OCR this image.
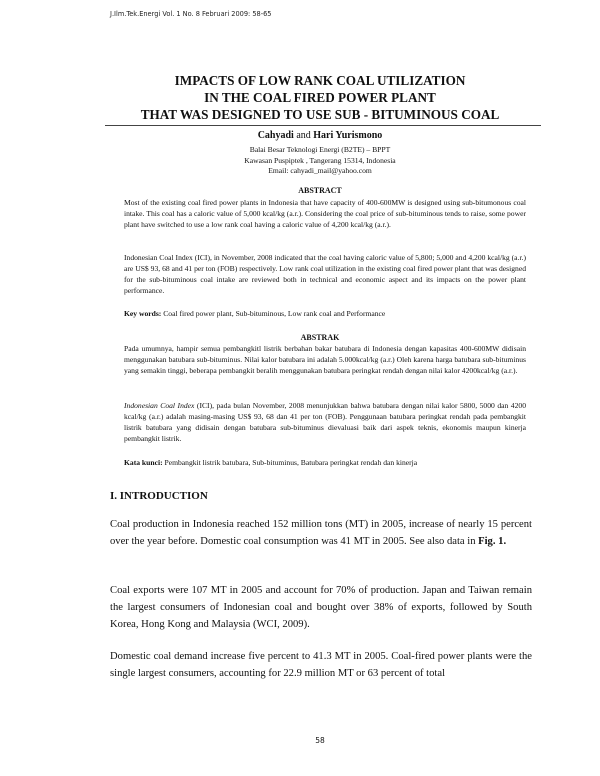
J.Ilm.Tek.Energi Vol. 1 No. 8 Februari 2009: 58-65
IMPACTS OF LOW RANK COAL UTILIZATION
IN THE COAL FIRED POWER PLANT
THAT WAS DESIGNED TO USE SUB - BITUMINOUS COAL
Cahyadi and Hari Yurismono
Balai Besar Teknologi Energi (B2TE) – BPPT
Kawasan Puspiptek , Tangerang 15314, Indonesia
Email: cahyadi_mail@yahoo.com
ABSTRACT
Most of the existing coal fired power plants in Indonesia that have capacity of 400-600MW is designed using sub-bitumonous coal intake. This coal has a caloric value of 5,000 kcal/kg (a.r.). Considering the coal price of sub-bituminous tends to raise, some power plant have switched to use a low rank coal having a caloric value of 4,200 kcal/kg (a.r.).
Indonesian Coal Index (ICI), in November, 2008 indicated that the coal having caloric value of 5,800; 5,000 and 4,200 kcal/kg (a.r.) are US$ 93, 68 and 41 per ton (FOB) respectively. Low rank coal utilization in the existing coal fired power plant that was designed for the sub-bituminous coal intake are reviewed both in technical and economic aspect and its impacts on the power plant performance.
Key words: Coal fired power plant, Sub-bituminous, Low rank coal and Performance
ABSTRAK
Pada umumnya, hampir semua pembangkitl listrik berbahan bakar batubara di Indonesia dengan kapasitas 400-600MW didisain menggunakan batubara sub-bituminus. Nilai kalor batubara ini adalah 5.000kcal/kg (a.r.) Oleh karena harga batubara sub-bituminus yang semakin tinggi, beberapa pembangkit beralih menggunakan batubara peringkat rendah dengan nilai kalor 4200kcal/kg (a.r.).
Indonesian Coal Index (ICI), pada bulan November, 2008 menunjukkan bahwa batubara dengan nilai kalor 5800, 5000 dan 4200 kcal/kg (a.r.) adalah masing-masing US$ 93, 68 dan 41 per ton (FOB). Penggunaan batubara peringkat rendah pada pembangkit listrik batubara yang didisain dengan batubara sub-bituminus dievaluasi baik dari aspek teknis, ekonomis maupun kinerja pembangkit listrik.
Kata kunci: Pembangkit listrik batubara, Sub-bituminus, Batubara peringkat rendah dan kinerja
I. INTRODUCTION
Coal production in Indonesia reached 152 million tons (MT) in 2005, increase of nearly 15 percent over the year before. Domestic coal consumption was 41 MT in 2005. See also data in Fig. 1.
Coal exports were 107 MT in 2005 and account for 70% of production. Japan and Taiwan remain the largest consumers of Indonesian coal and bought over 38% of exports, followed by South Korea, Hong Kong and Malaysia (WCI, 2009).
Domestic coal demand increase five percent to 41.3 MT in 2005. Coal-fired power plants were the single largest consumers, accounting for 22.9 million MT or 63 percent of total
58
